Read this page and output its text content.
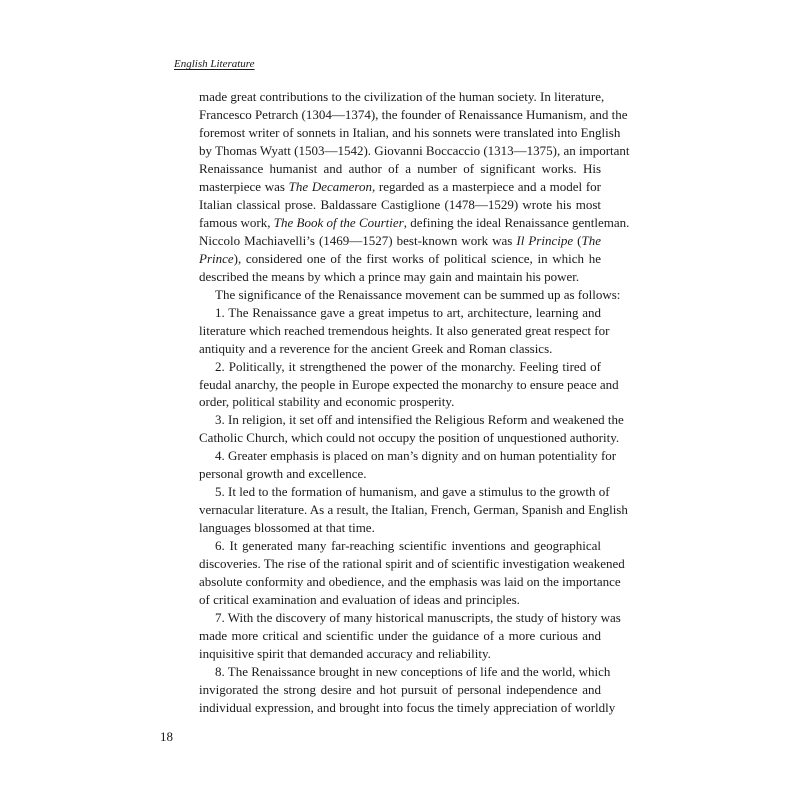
English Literature
made great contributions to the civilization of the human society. In literature,
Francesco Petrarch (1304—1374), the founder of Renaissance Humanism, and the
foremost writer of sonnets in Italian, and his sonnets were translated into English
by Thomas Wyatt (1503—1542). Giovanni Boccaccio (1313—1375), an important
Renaissance humanist and author of a number of significant works. His
masterpiece was The Decameron, regarded as a masterpiece and a model for
Italian classical prose. Baldassare Castiglione (1478—1529) wrote his most
famous work, The Book of the Courtier, defining the ideal Renaissance gentleman.
Niccolo Machiavelli’s (1469—1527) best-known work was Il Principe (The
Prince), considered one of the first works of political science, in which he
described the means by which a prince may gain and maintain his power.
The significance of the Renaissance movement can be summed up as follows:
1. The Renaissance gave a great impetus to art, architecture, learning and
literature which reached tremendous heights. It also generated great respect for
antiquity and a reverence for the ancient Greek and Roman classics.
2. Politically, it strengthened the power of the monarchy. Feeling tired of
feudal anarchy, the people in Europe expected the monarchy to ensure peace and
order, political stability and economic prosperity.
3. In religion, it set off and intensified the Religious Reform and weakened the
Catholic Church, which could not occupy the position of unquestioned authority.
4. Greater emphasis is placed on man’s dignity and on human potentiality for
personal growth and excellence.
5. It led to the formation of humanism, and gave a stimulus to the growth of
vernacular literature. As a result, the Italian, French, German, Spanish and English
languages blossomed at that time.
6. It generated many far-reaching scientific inventions and geographical
discoveries. The rise of the rational spirit and of scientific investigation weakened
absolute conformity and obedience, and the emphasis was laid on the importance
of critical examination and evaluation of ideas and principles.
7. With the discovery of many historical manuscripts, the study of history was
made more critical and scientific under the guidance of a more curious and
inquisitive spirit that demanded accuracy and reliability.
8. The Renaissance brought in new conceptions of life and the world, which
invigorated the strong desire and hot pursuit of personal independence and
individual expression, and brought into focus the timely appreciation of worldly
18
